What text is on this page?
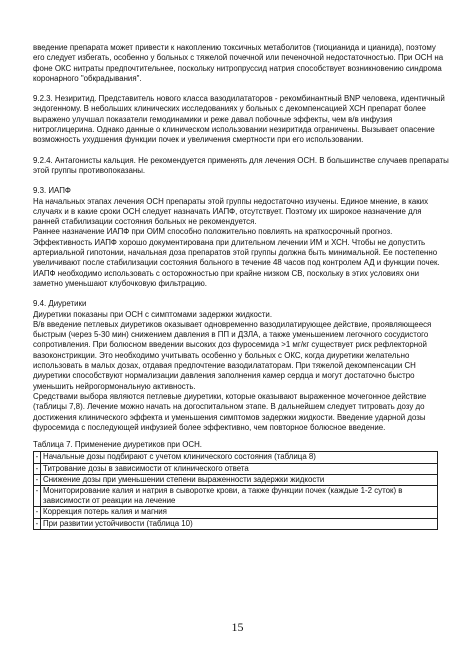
введение препарата может привести к накоплению токсичных метаболитов (тиоцианида и цианида), поэтому его следует избегать, особенно у больных с тяжелой почечной или печеночной недостаточностью. При ОСН на фоне ОКС нитраты предпочтительнее, поскольку нитропруссид натрия способствует возникновению синдрома коронарного "обкрадывания".

9.2.3. Незиритид. Представитель нового класса вазодилататоров - рекомбинантный BNP человека, идентичный эндогенному. В небольших клинических исследованиях у больных с декомпенсацией ХСН препарат более выражено улучшал показатели гемодинамики и реже давал побочные эффекты, чем в/в инфузия нитроглицерина. Однако данные о клиническом использовании незиритида ограничены. Вызывает опасение возможность ухудшения функции почек и увеличения смертности при его использовании.

9.2.4. Антагонисты кальция. Не рекомендуется применять для лечения ОСН. В большинстве случаев препараты этой группы противопоказаны.

9.3. ИАПФ

На начальных этапах лечения ОСН препараты этой группы недостаточно изучены. Единое мнение, в каких случаях и в какие сроки ОСН следует назначать ИАПФ, отсутствует. Поэтому их широкое назначение для ранней стабилизации состояния больных не рекомендуется.

Раннее назначение ИАПФ при ОИМ способно положительно повлиять на краткосрочный прогноз. Эффективность ИАПФ хорошо документирована при длительном лечении ИМ и ХСН. Чтобы не допустить артериальной гипотонии, начальная доза препаратов этой группы должна быть минимальной. Ее постепенно увеличивают после стабилизации состояния больного в течение 48 часов под контролем АД и функции почек. ИАПФ необходимо использовать с осторожностью при крайне низком СВ, поскольку в этих условиях они заметно уменьшают клубочковую фильтрацию.

9.4. Диуретики

Диуретики показаны при ОСН с симптомами задержки жидкости.

В/в введение петлевых диуретиков оказывает одновременно вазодилатирующее действие, проявляющееся быстрым (через 5-30 мин) снижением давления в ПП и ДЗЛА, а также уменьшением легочного сосудистого сопротивления. При болюсном введении высоких доз фуросемида >1 мг/кг существует риск рефлекторной вазоконстрикции. Это необходимо учитывать особенно у больных с ОКС, когда диуретики желательно использовать в малых дозах, отдавая предпочтение вазодилататорам. При тяжелой декомпенсации СН диуретики способствуют нормализации давления заполнения камер сердца и могут достаточно быстро уменьшить нейрогормональную активность.

Средствами выбора являются петлевые диуретики, которые оказывают выраженное мочегонное действие (таблицы 7,8). Лечение можно начать на догоспитальном этапе. В дальнейшем следует титровать дозу до достижения клинического эффекта и уменьшения симптомов задержки жидкости. Введение ударной дозы фуросемида с последующей инфузией более эффективно, чем повторное болюсное введение.

Таблица 7. Применение диуретиков при ОСН.

-	Начальные дозы подбирают с учетом клинического состояния (таблица 8)
-	Титрование дозы в зависимости от клинического ответа
-	Снижение дозы при уменьшении степени выраженности задержки жидкости
-	Мониторирование калия и натрия в сыворотке крови, а также функции почек (каждые 1-2 суток) в зависимости от реакции на лечение
-	Коррекция потерь калия и магния
-	При развитии устойчивости (таблица 10)
15
